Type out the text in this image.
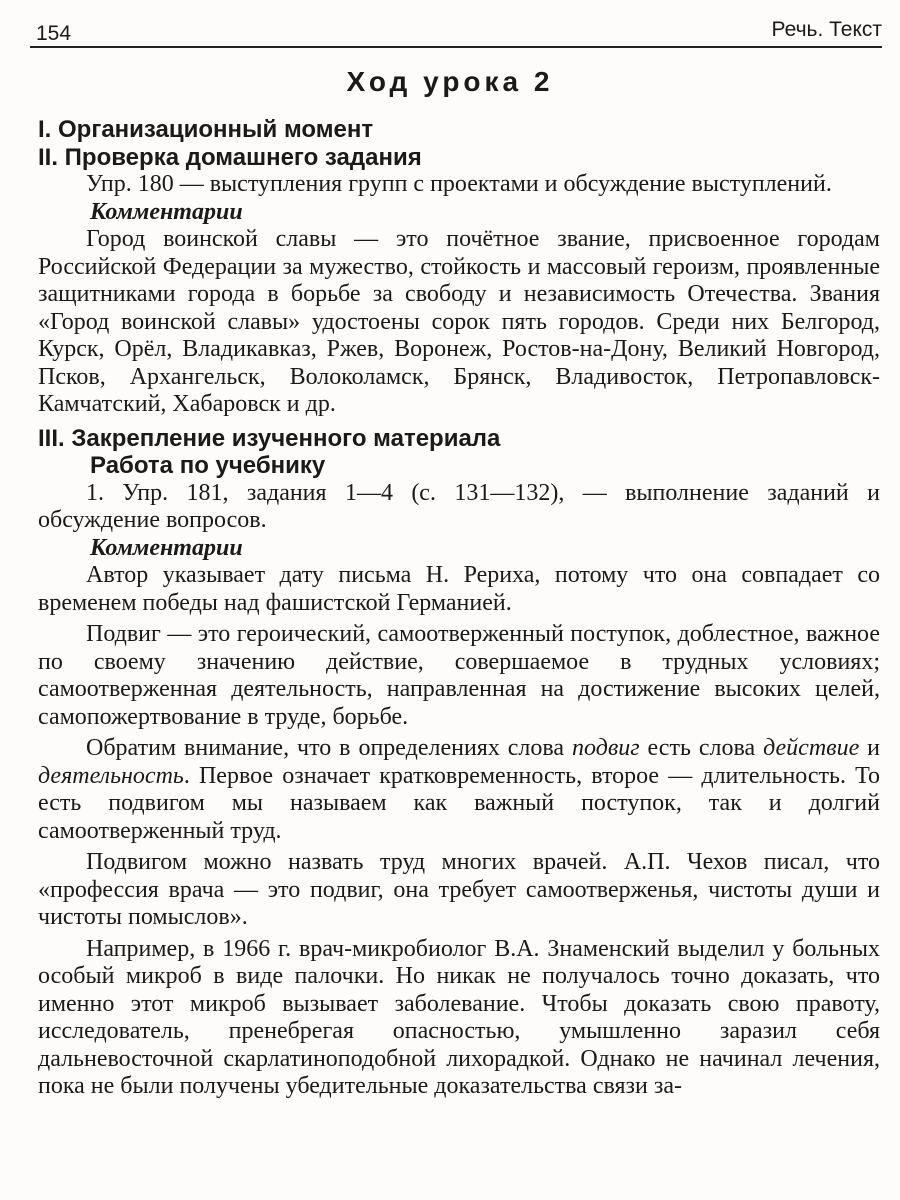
154	Речь. Текст
Ход урока 2

I. Организационный момент

II. Проверка домашнего задания

Упр. 180 — выступления групп с проектами и обсуждение выступлений.

Комментарии

Город воинской славы — это почётное звание, присвоенное городам Российской Федерации за мужество, стойкость и массовый героизм, проявленные защитниками города в борьбе за свободу и независимость Отечества. Звания «Город воинской славы» удостоены сорок пять городов. Среди них Белгород, Курск, Орёл, Владикавказ, Ржев, Воронеж, Ростов-на-Дону, Великий Новгород, Псков, Архангельск, Волоколамск, Брянск, Владивосток, Петропавловск-Камчатский, Хабаровск и др.

III. Закрепление изученного материала

Работа по учебнику

1. Упр. 181, задания 1—4 (с. 131—132), — выполнение заданий и обсуждение вопросов.

Комментарии

Автор указывает дату письма Н. Рериха, потому что она совпадает со временем победы над фашистской Германией.

Подвиг — это героический, самоотверженный поступок, доблестное, важное по своему значению действие, совершаемое в трудных условиях; самоотверженная деятельность, направленная на достижение высоких целей, самопожертвование в труде, борьбе.

Обратим внимание, что в определениях слова подвиг есть слова действие и деятельность. Первое означает кратковременность, второе — длительность. То есть подвигом мы называем как важный поступок, так и долгий самоотверженный труд.

Подвигом можно назвать труд многих врачей. А.П. Чехов писал, что «профессия врача — это подвиг, она требует самоотверженья, чистоты души и чистоты помыслов».

Например, в 1966 г. врач-микробиолог В.А. Знаменский выделил у больных особый микроб в виде палочки. Но никак не получалось точно доказать, что именно этот микроб вызывает заболевание. Чтобы доказать свою правоту, исследователь, пренебрегая опасностью, умышленно заразил себя дальневосточной скарлатиноподобной лихорадкой. Однако не начинал лечения, пока не были получены убедительные доказательства связи за-
